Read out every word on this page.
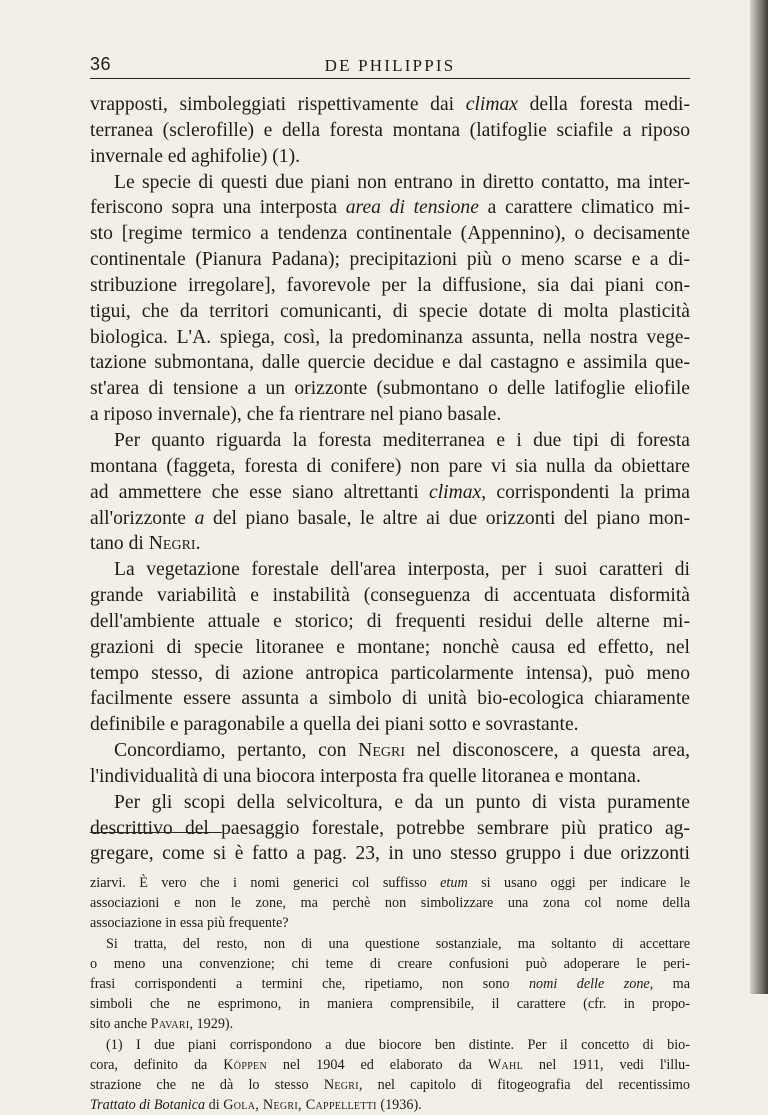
36	DE PHILIPPIS
vrapposti, simboleggiati rispettivamente dai climax della foresta medi-
terranea (sclerofille) e della foresta montana (latifoglie sciafile a riposo
invernale ed aghifolie) (1).
Le specie di questi due piani non entrano in diretto contatto, ma inter-
feriscono sopra una interposta area di tensione a carattere climatico mi-
sto [regime termico a tendenza continentale (Appennino), o decisamente
continentale (Pianura Padana); precipitazioni più o meno scarse e a di-
stribuzione irregolare], favorevole per la diffusione, sia dai piani con-
tigui, che da territori comunicanti, di specie dotate di molta plasticità
biologica. L'A. spiega, così, la predominanza assunta, nella nostra vege-
tazione submontana, dalle quercie decidue e dal castagno e assimila que-
st'area di tensione a un orizzonte (submontano o delle latifoglie eliofile
a riposo invernale), che fa rientrare nel piano basale.
Per quanto riguarda la foresta mediterranea e i due tipi di foresta
montana (faggeta, foresta di conifere) non pare vi sia nulla da obiettare
ad ammettere che esse siano altrettanti climax, corrispondenti la prima
all'orizzonte a del piano basale, le altre ai due orizzonti del piano mon-
tano di Negri.
La vegetazione forestale dell'area interposta, per i suoi caratteri di
grande variabilità e instabilità (conseguenza di accentuata disformità
dell'ambiente attuale e storico; di frequenti residui delle alterne mi-
grazioni di specie litoranee e montane; nonchè causa ed effetto, nel
tempo stesso, di azione antropica particolarmente intensa), può meno
facilmente essere assunta a simbolo di unità bio-ecologica chiaramente
definibile e paragonabile a quella dei piani sotto e sovrastante.
Concordiamo, pertanto, con Negri nel disconoscere, a questa area,
l'individualità di una biocora interposta fra quelle litoranea e montana.
Per gli scopi della selvicoltura, e da un punto di vista puramente
descrittivo del paesaggio forestale, potrebbe sembrare più pratico ag-
gregare, come si è fatto a pag. 23, in uno stesso gruppo i due orizzonti
ziarvi. È vero che i nomi generici col suffisso etum si usano oggi per indicare le
associazioni e non le zone, ma perchè non simbolizzare una zona col nome della
associazione in essa più frequente?
Si tratta, del resto, non di una questione sostanziale, ma soltanto di accettare
o meno una convenzione; chi teme di creare confusioni può adoperare le peri-
frasi corrispondenti a termini che, ripetiamo, non sono nomi delle zone, ma
simboli che ne esprimono, in maniera comprensibile, il carattere (cfr. in propo-
sito anche Pavari, 1929).
(1) I due piani corrispondono a due biocore ben distinte. Per il concetto di bio-
cora, definito da Köppen nel 1904 ed elaborato da Wahl nel 1911, vedi l'illu-
strazione che ne dà lo stesso Negri, nel capitolo di fitogeografia del recentissimo
Trattato di Botanica di Gola, Negri, Cappelletti (1936).
